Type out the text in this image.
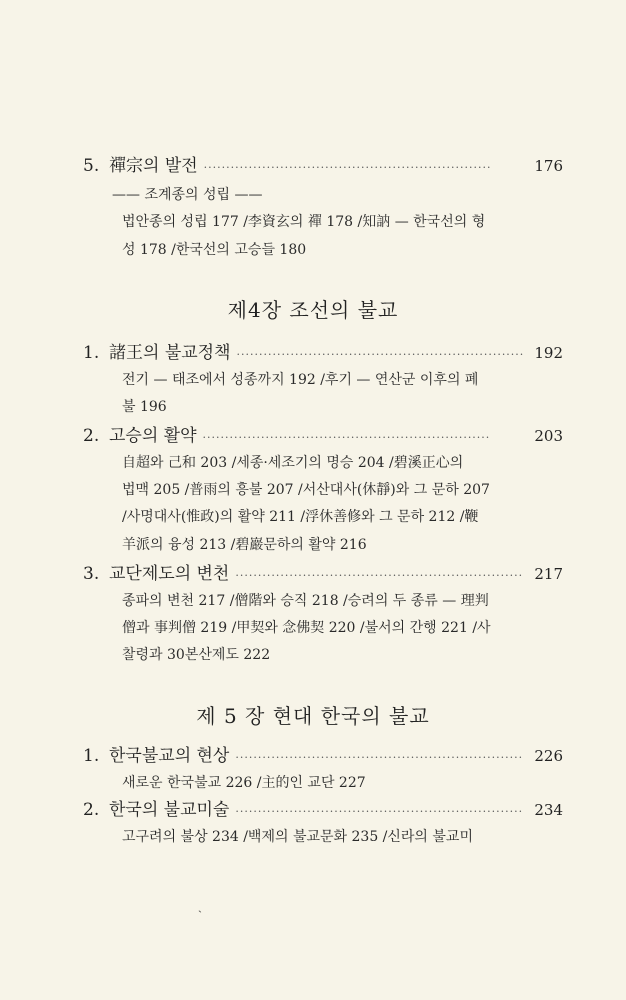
5. 禪宗의 발전 ································································	176
—— 조계종의 성립 ——
법안종의 성립 177 /李資玄의 禪 178 /知訥 — 한국선의 형
성 178 /한국선의 고승들 180
제4장 조선의 불교
1. 諸王의 불교정책 ································································ 192
전기 — 태조에서 성종까지 192 /후기 — 연산군 이후의 폐
불 196
2. 고승의 활약 ································································	203
自超와 己和 203 /세종·세조기의 명승 204 /碧溪正心의
법맥 205 /普雨의 흥불 207 /서산대사(休靜)와 그 문하 207
/사명대사(惟政)의 활약 211 /浮休善修와 그 문하 212 /鞭
羊派의 융성 213 /碧巖문하의 활약 216
3. 교단제도의 변천 ································································ 217
종파의 변천 217 /僧階와 승직 218 /승려의 두 종류 — 理判
僧과 事判僧 219 /甲契와 念佛契 220 /불서의 간행 221 /사
찰령과 30본산제도 222
제 5 장 현대 한국의 불교
1. 한국불교의 현상 ································································ 226
새로운 한국불교 226 /主的인 교단 227
2. 한국의 불교미술 ································································ 234
고구려의 불상 234 /백제의 불교문화 235 /신라의 불교미
ˎ
